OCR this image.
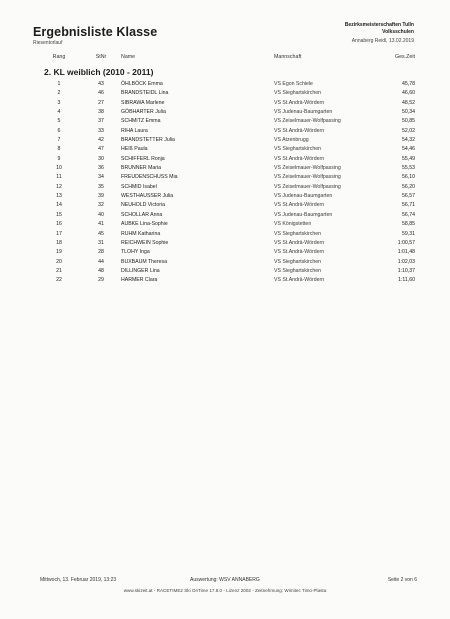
Ergebnisliste Klasse
Riesentorlauf
Bezirksmeisterschaften Tulln
Volksschulen
Annaberg Reidl, 13.02.2019
Rang	StNr	Name	Mannschaft	Ges.Zeit
2. KL weiblich (2010 - 2011)
1	43	ÖHLBÖCK Emma	VS Egon Schiele	45,78
2	46	BRANDSTEIDL Lina	VS Sieghartskirchen	46,60
3	27	SIBRAWA Marlene	VS St.Andrä-Wördern	48,52
4	38	GÖBHARTER Julia	VS Judenau-Baumgarten	50,34
5	37	SCHMITZ Emma	VS Zeiselmauer-Wolfpassing	50,85
6	33	RIHA Laura	VS St.Andrä-Wördern	52,02
7	42	BRANDSTETTER Julia	VS Atzenbrugg	54,32
8	47	HEIß Paula	VS Sieghartskirchen	54,46
9	30	SCHIFFERL Ronja	VS St.Andrä-Wördern	55,49
10	36	BRUNNER Maria	VS Zeiselmauer-Wolfpassing	55,53
11	34	FREUDENSCHUSS Mia	VS Zeiselmauer-Wolfpassing	56,10
12	35	SCHMID Isabel	VS Zeiselmauer-Wolfpassing	56,20
13	39	WESTHAUSSER Julia	VS Judenau-Baumgarten	56,57
14	32	NEUHOLD Victoria	VS St.Andrä-Wördern	56,71
15	40	SCHOLLAR Anna	VS Judenau-Baumgarten	56,74
16	41	AUBKE Lina-Sophie	VS Königstetten	58,85
17	45	RUHM Katharina	VS Sieghartskirchen	59,31
18	31	REICHWEIN Sophie	VS St.Andrä-Wördern	1:00,57
19	28	TLOHY Inga	VS St.Andrä-Wördern	1:01,48
20	44	BUXBAUM Theresa	VS Sieghartskirchen	1:02,03
21	48	DILLINGER Lina	VS Sieghartskirchen	1:10,37
22	29	HARMER Clara	VS St.Andrä-Wördern	1:11,60
Mittwoch, 13. Februar 2019, 13:23	Auswertung: WSV ANNABERG	Seite 2 von 6
www.skizeit.at - RACETIME2 Ski OnTime 17.8.0 - Lizenz 2002 - Zeitnehmung: Wimitec Timo-Plasta
